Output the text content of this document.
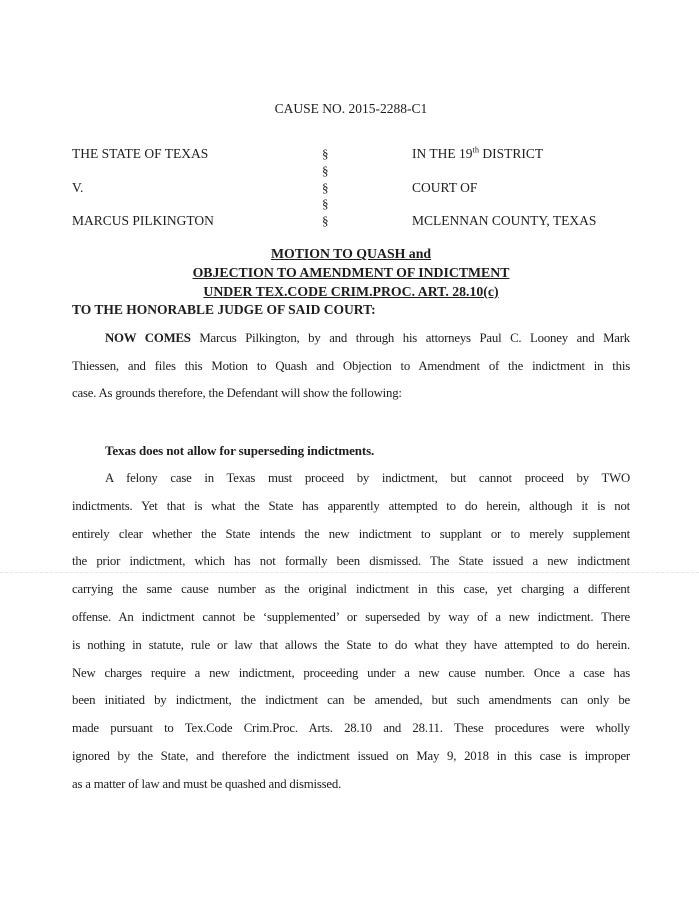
CAUSE NO. 2015-2288-C1
THE STATE OF TEXAS	§	IN THE 19th DISTRICT
§
V.	§	COURT OF
§
MARCUS PILKINGTON	§	MCLENNAN COUNTY, TEXAS
MOTION TO QUASH and
OBJECTION TO AMENDMENT OF INDICTMENT
UNDER TEX.CODE CRIM.PROC. ART. 28.10(c)
TO THE HONORABLE JUDGE OF SAID COURT:
NOW COMES Marcus Pilkington, by and through his attorneys Paul C. Looney and Mark
Thiessen, and files this Motion to Quash and Objection to Amendment of the indictment in this
case. As grounds therefore, the Defendant will show the following:
Texas does not allow for superseding indictments.
A felony case in Texas must proceed by indictment, but cannot proceed by TWO
indictments. Yet that is what the State has apparently attempted to do herein, although it is not
entirely clear whether the State intends the new indictment to supplant or to merely supplement
the prior indictment, which has not formally been dismissed. The State issued a new indictment
carrying the same cause number as the original indictment in this case, yet charging a different
offense. An indictment cannot be ‘supplemented’ or superseded by way of a new indictment. There
is nothing in statute, rule or law that allows the State to do what they have attempted to do herein.
New charges require a new indictment, proceeding under a new cause number. Once a case has
been initiated by indictment, the indictment can be amended, but such amendments can only be
made pursuant to Tex.Code Crim.Proc. Arts. 28.10 and 28.11. These procedures were wholly
ignored by the State, and therefore the indictment issued on May 9, 2018 in this case is improper
as a matter of law and must be quashed and dismissed.
